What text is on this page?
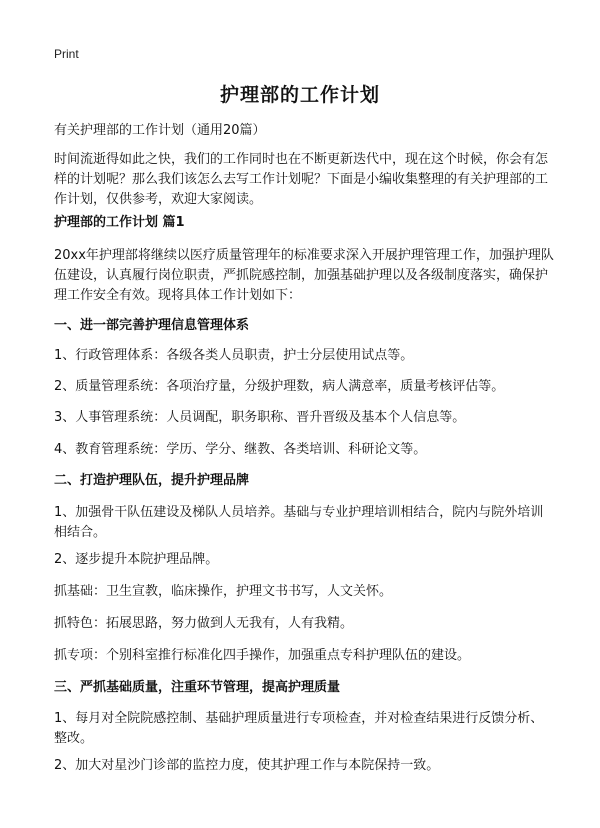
Print
护理部的工作计划
有关护理部的工作计划（通用20篇）
时间流逝得如此之快，我们的工作同时也在不断更新迭代中，现在这个时候，你会有怎样的计划呢？那么我们该怎么去写工作计划呢？下面是小编收集整理的有关护理部的工作计划，仅供参考，欢迎大家阅读。
护理部的工作计划 篇1
20xx年护理部将继续以医疗质量管理年的标准要求深入开展护理管理工作，加强护理队伍建设，认真履行岗位职责，严抓院感控制，加强基础护理以及各级制度落实，确保护理工作安全有效。现将具体工作计划如下：
一、进一部完善护理信息管理体系
1、行政管理体系：各级各类人员职责，护士分层使用试点等。
2、质量管理系统：各项治疗量，分级护理数，病人满意率，质量考核评估等。
3、人事管理系统：人员调配，职务职称、晋升晋级及基本个人信息等。
4、教育管理系统：学历、学分、继教、各类培训、科研论文等。
二、打造护理队伍，提升护理品牌
1、加强骨干队伍建设及梯队人员培养。基础与专业护理培训相结合，院内与院外培训相结合。
2、逐步提升本院护理品牌。
抓基础：卫生宣教，临床操作，护理文书书写，人文关怀。
抓特色：拓展思路，努力做到人无我有，人有我精。
抓专项：个别科室推行标准化四手操作，加强重点专科护理队伍的建设。
三、严抓基础质量，注重环节管理，提高护理质量
1、每月对全院院感控制、基础护理质量进行专项检查，并对检查结果进行反馈分析、整改。
2、加大对星沙门诊部的监控力度，使其护理工作与本院保持一致。
